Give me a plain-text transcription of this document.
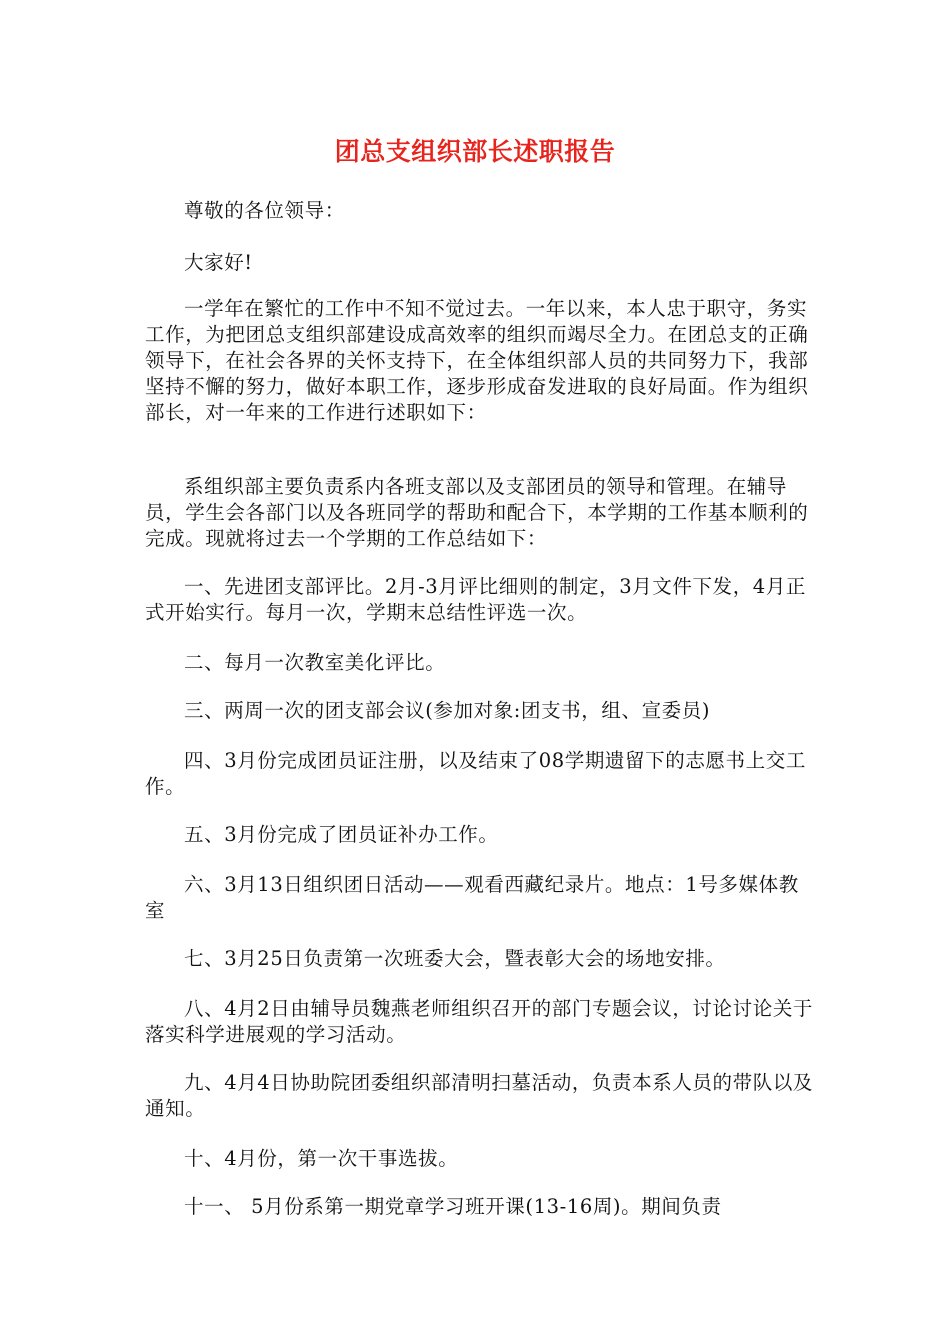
团总支组织部长述职报告

尊敬的各位领导：

大家好!

一学年在繁忙的工作中不知不觉过去。一年以来，本人忠于职守，务实工作，为把团总支组织部建设成高效率的组织而竭尽全力。在团总支的正确领导下，在社会各界的关怀支持下，在全体组织部人员的共同努力下，我部坚持不懈的努力，做好本职工作，逐步形成奋发进取的良好局面。作为组织部长，对一年来的工作进行述职如下：

系组织部主要负责系内各班支部以及支部团员的领导和管理。在辅导员，学生会各部门以及各班同学的帮助和配合下，本学期的工作基本顺利的完成。现就将过去一个学期的工作总结如下：

一、先进团支部评比。2月-3月评比细则的制定，3月文件下发，4月正式开始实行。每月一次，学期末总结性评选一次。

二、每月一次教室美化评比。

三、两周一次的团支部会议(参加对象:团支书，组、宣委员)

四、3月份完成团员证注册，以及结束了08学期遗留下的志愿书上交工作。

五、3月份完成了团员证补办工作。

六、3月13日组织团日活动——观看西藏纪录片。地点：1号多媒体教室

七、3月25日负责第一次班委大会，暨表彰大会的场地安排。

八、4月2日由辅导员魏燕老师组织召开的部门专题会议，讨论讨论关于落实科学进展观的学习活动。

九、4月4日协助院团委组织部清明扫墓活动，负责本系人员的带队以及通知。

十、4月份，第一次干事选拔。

十一、 5月份系第一期党章学习班开课(13-16周)。期间负责
